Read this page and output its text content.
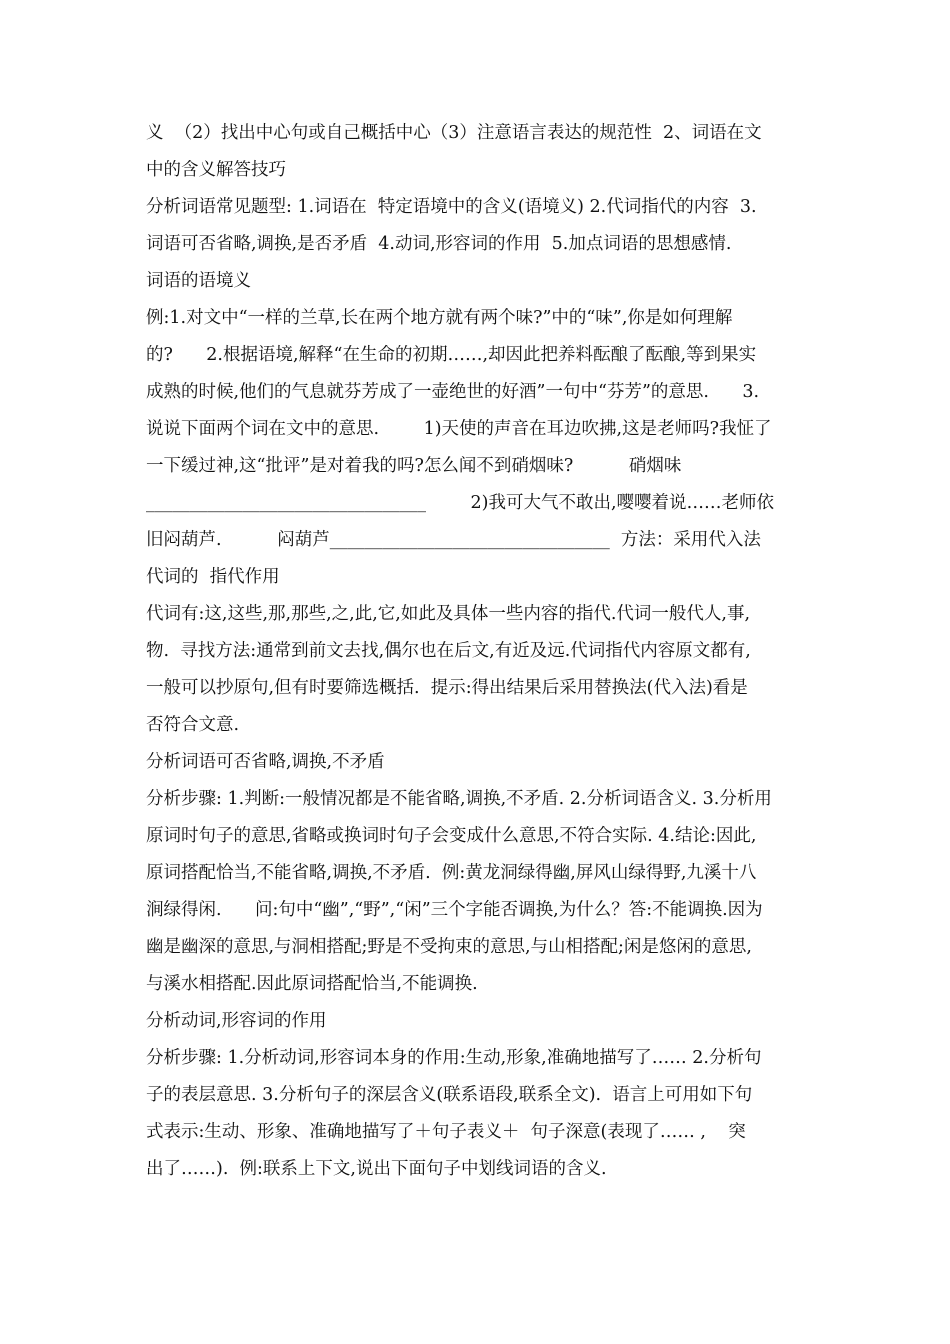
义  （2）找出中心句或自己概括中心（3）注意语言表达的规范性  2、词语在文

中的含义解答技巧

分析词语常见题型: 1.词语在  特定语境中的含义(语境义) 2.代词指代的内容  3.

词语可否省略,调换,是否矛盾  4.动词,形容词的作用  5.加点词语的思想感情.

词语的语境义

例:1.对文中“一样的兰草,长在两个地方就有两个味?”中的“味”,你是如何理解

的?      2.根据语境,解释“在生命的初期……,却因此把养料酝酿了酝酿,等到果实

成熟的时候,他们的气息就芬芳成了一壶绝世的好酒”一句中“芬芳”的意思.      3.

说说下面两个词在文中的意思.        1)天使的声音在耳边吹拂,这是老师吗?我怔了

一下缓过神,这“批评”是对着我的吗?怎么闻不到硝烟味?          硝烟味

________________________________        2)我可大气不敢出,嘤嘤着说……老师依

旧闷葫芦.          闷葫芦________________________________  方法：采用代入法

代词的  指代作用

代词有:这,这些,那,那些,之,此,它,如此及具体一些内容的指代.代词一般代人,事,

物.  寻找方法:通常到前文去找,偶尔也在后文,有近及远.代词指代内容原文都有,

一般可以抄原句,但有时要筛选概括.  提示:得出结果后采用替换法(代入法)看是

否符合文意.

分析词语可否省略,调换,不矛盾

分析步骤: 1.判断:一般情况都是不能省略,调换,不矛盾. 2.分析词语含义. 3.分析用

原词时句子的意思,省略或换词时句子会变成什么意思,不符合实际. 4.结论:因此,

原词搭配恰当,不能省略,调换,不矛盾.  例:黄龙洞绿得幽,屏风山绿得野,九溪十八

涧绿得闲.      问:句中“幽”,“野”,“闲”三个字能否调换,为什么？答:不能调换.因为

幽是幽深的意思,与洞相搭配;野是不受拘束的意思,与山相搭配;闲是悠闲的意思,

与溪水相搭配.因此原词搭配恰当,不能调换.

分析动词,形容词的作用

分析步骤: 1.分析动词,形容词本身的作用:生动,形象,准确地描写了…… 2.分析句

子的表层意思. 3.分析句子的深层含义(联系语段,联系全文).  语言上可用如下句

式表示:生动、形象、准确地描写了＋句子表义＋  句子深意(表现了…… ,    突

出了……).  例:联系上下文,说出下面句子中划线词语的含义.
